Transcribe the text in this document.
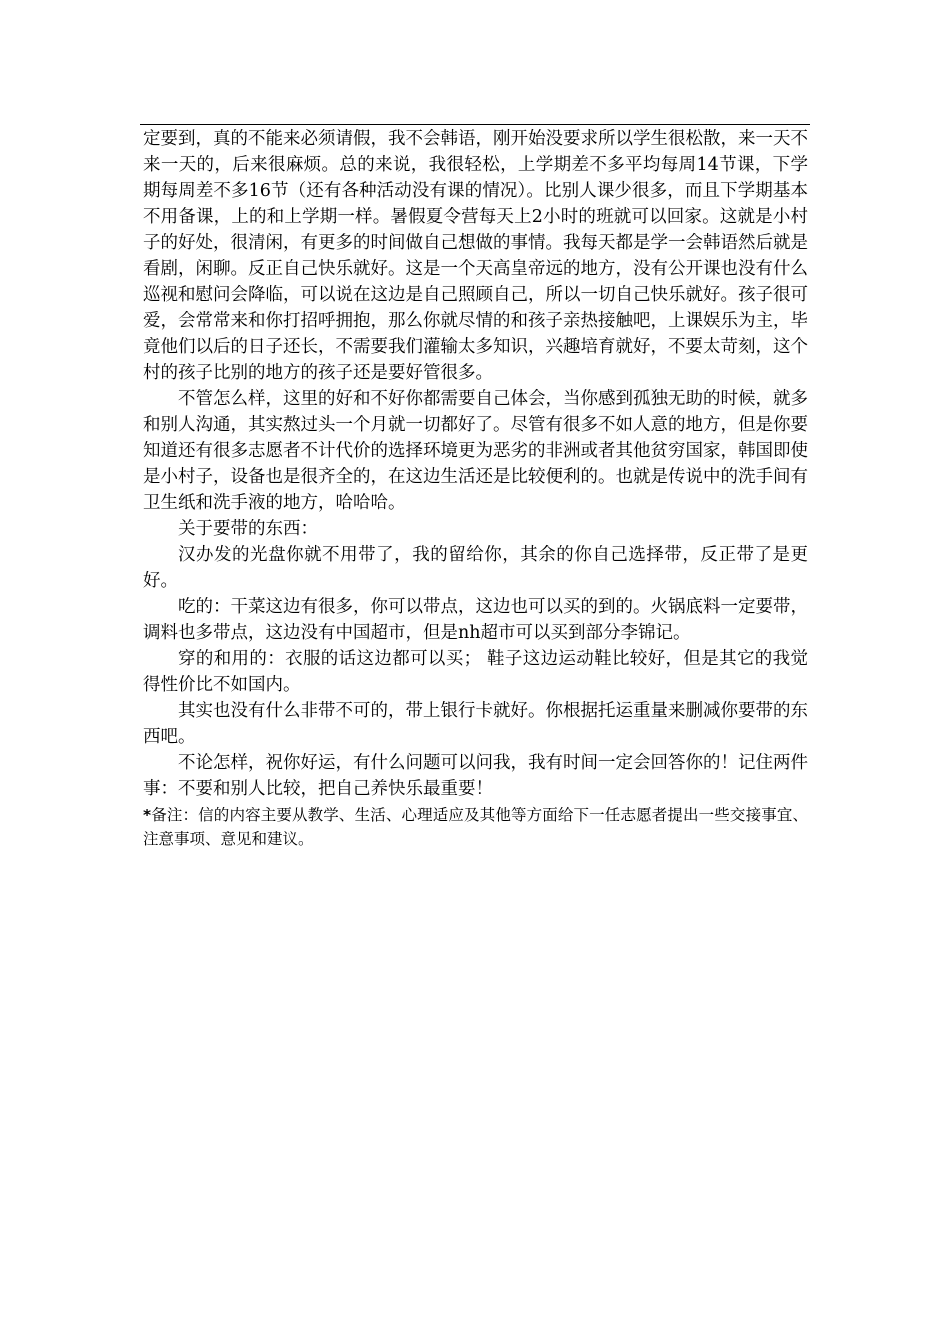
定要到，真的不能来必须请假，我不会韩语，刚开始没要求所以学生很松散，来一天不来一天的，后来很麻烦。总的来说，我很轻松，上学期差不多平均每周14节课，下学期每周差不多16节（还有各种活动没有课的情况）。比别人课少很多，而且下学期基本不用备课，上的和上学期一样。暑假夏令营每天上2小时的班就可以回家。这就是小村子的好处，很清闲，有更多的时间做自己想做的事情。我每天都是学一会韩语然后就是看剧，闲聊。反正自己快乐就好。这是一个天高皇帝远的地方，没有公开课也没有什么巡视和慰问会降临，可以说在这边是自己照顾自己，所以一切自己快乐就好。孩子很可爱，会常常来和你打招呼拥抱，那么你就尽情的和孩子亲热接触吧，上课娱乐为主，毕竟他们以后的日子还长，不需要我们灌输太多知识，兴趣培育就好，不要太苛刻，这个村的孩子比别的地方的孩子还是要好管很多。

不管怎么样，这里的好和不好你都需要自己体会，当你感到孤独无助的时候，就多和别人沟通，其实熬过头一个月就一切都好了。尽管有很多不如人意的地方，但是你要知道还有很多志愿者不计代价的选择环境更为恶劣的非洲或者其他贫穷国家，韩国即使是小村子，设备也是很齐全的，在这边生活还是比较便利的。也就是传说中的洗手间有卫生纸和洗手液的地方，哈哈哈。

关于要带的东西：

汉办发的光盘你就不用带了，我的留给你，其余的你自己选择带，反正带了是更好。

吃的：干菜这边有很多，你可以带点，这边也可以买的到的。火锅底料一定要带，调料也多带点，这边没有中国超市，但是nh超市可以买到部分李锦记。

穿的和用的：衣服的话这边都可以买； 鞋子这边运动鞋比较好，但是其它的我觉得性价比不如国内。

其实也没有什么非带不可的，带上银行卡就好。你根据托运重量来删减你要带的东西吧。

不论怎样，祝你好运，有什么问题可以问我，我有时间一定会回答你的！记住两件事：不要和别人比较，把自己养快乐最重要！

*备注：信的内容主要从教学、生活、心理适应及其他等方面给下一任志愿者提出一些交接事宜、注意事项、意见和建议。
